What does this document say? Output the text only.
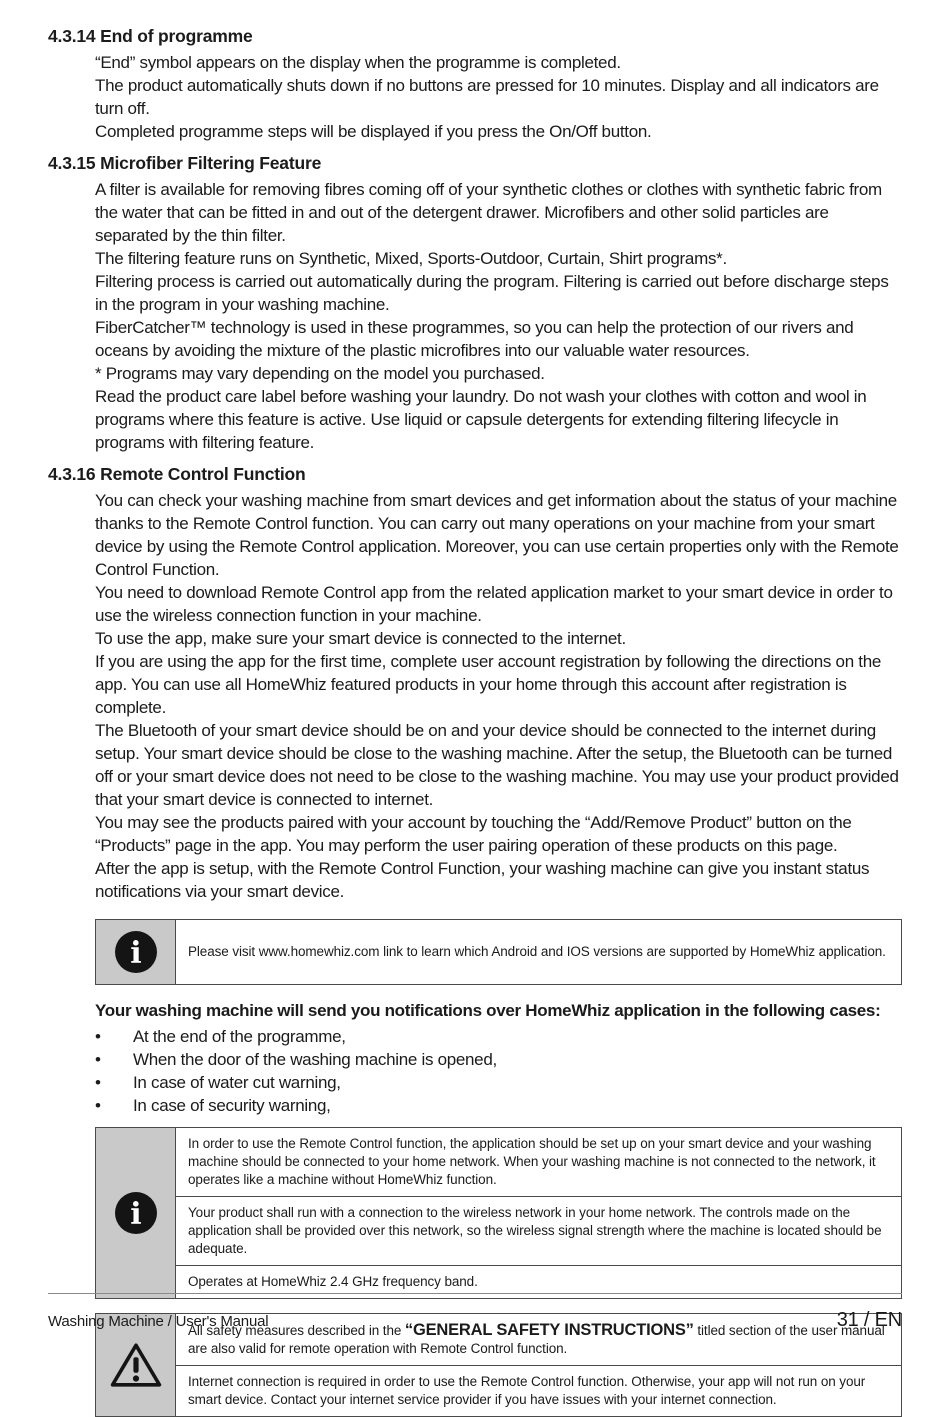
4.3.14 End of programme

“End” symbol appears on the display when the programme is completed.

The product automatically shuts down if no buttons are pressed for 10 minutes. Display and all indicators are turn off.

Completed programme steps will be displayed if you press the On/Off button.

4.3.15 Microfiber Filtering Feature

A filter is available for removing fibres coming off of your synthetic clothes or clothes with synthetic fabric from the water that can be fitted in and out of the detergent drawer. Microfibers and other solid particles are separated by the thin filter.

The filtering feature runs on Synthetic, Mixed, Sports-Outdoor, Curtain, Shirt programs*.

Filtering process is carried out automatically during the program. Filtering is carried out before discharge steps in the program in your washing machine.

FiberCatcher™ technology is used in these programmes, so you can help the protection of our rivers and oceans by avoiding the mixture of the plastic microfibres into our valuable water resources.

* Programs may vary depending on the model you purchased.

Read the product care label before washing your laundry. Do not wash your clothes with cotton and wool in programs where this feature is active. Use liquid or capsule detergents for extending filtering lifecycle in programs with filtering feature.

4.3.16 Remote Control Function

You can check your washing machine from smart devices and get information about the status of your machine thanks to the Remote Control function. You can carry out many operations on your machine from your smart device by using the Remote Control application. Moreover, you can use certain properties only with the Remote Control Function.

You need to download Remote Control app from the related application market to your smart device in order to use the wireless connection function in your machine.

To use the app, make sure your smart device is connected to the internet.

If you are using the app for the first time, complete user account registration by following the directions on the app. You can use all HomeWhiz featured products in your home through this account after registration is complete.

The Bluetooth of your smart device should be on and your device should be connected to the internet during setup. Your smart device should be close to the washing machine. After the setup, the Bluetooth can be turned off or your smart device does not need to be close to the washing machine. You may use your product provided that your smart device is connected to internet.

You may see the products paired with your account by touching the “Add/Remove Product” button on the “Products” page in the app. You may perform the user pairing operation of these products on this page.

After the app is setup, with the Remote Control Function, your washing machine can give you instant status notifications via your smart device.

i	Please visit www.homewhiz.com link to learn which Android and IOS versions are supported by HomeWhiz application.
Your washing machine will send you notifications over HomeWhiz application in the following cases:
•	At the end of the programme,
•	When the door of the washing machine is opened,
•	In case of water cut warning,
•	In case of security warning,
i
In order to use the Remote Control function, the application should be set up on your smart device and your washing machine should be connected to your home network. When your washing machine is not connected to the network, it operates like a machine without HomeWhiz function.
Your product shall run with a connection to the wireless network in your home network. The controls made on the application shall be provided over this network, so the wireless signal strength where the machine is located should be adequate.
Operates at HomeWhiz 2.4 GHz frequency band.
All safety measures described in the “GENERAL SAFETY INSTRUCTIONS” titled section of the user manual are also valid for remote operation with Remote Control function.
Internet connection is required in order to use the Remote Control function. Otherwise, your app will not run on your smart device. Contact your internet service provider if you have issues with your internet connection.
Washing Machine / User's Manual	31 / EN
